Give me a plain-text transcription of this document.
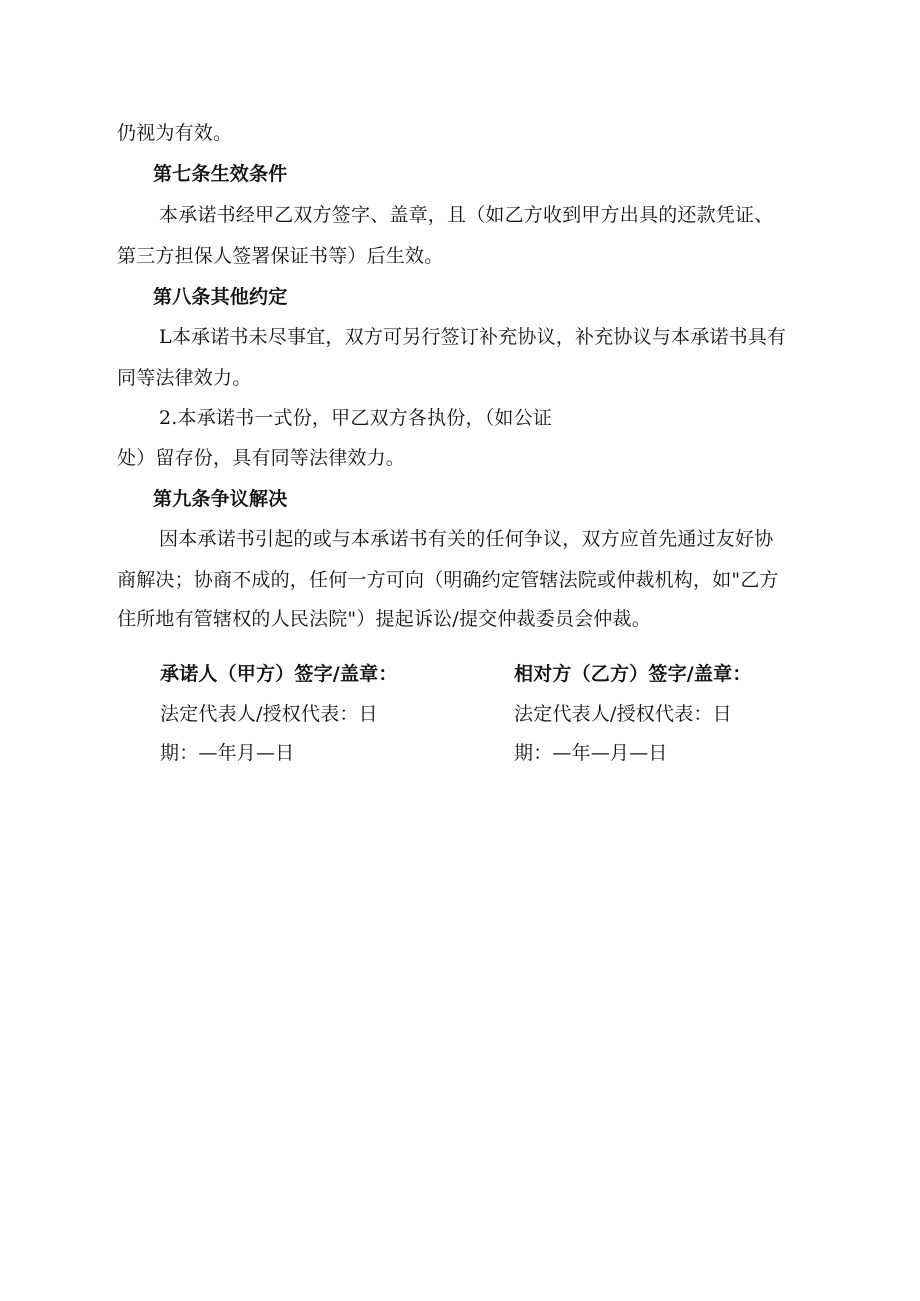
仍视为有效。
第七条生效条件
本承诺书经甲乙双方签字、盖章，且（如乙方收到甲方出具的还款凭证、
第三方担保人签署保证书等）后生效。
第八条其他约定
L本承诺书未尽事宜，双方可另行签订补充协议，补充协议与本承诺书具有
同等法律效力。
2.本承诺书一式份，甲乙双方各执份，（如公证
处）留存份，具有同等法律效力。
第九条争议解决
因本承诺书引起的或与本承诺书有关的任何争议，双方应首先通过友好协
商解决；协商不成的，任何一方可向（明确约定管辖法院或仲裁机构，如"乙方
住所地有管辖权的人民法院"）提起诉讼/提交仲裁委员会仲裁。
承诺人（甲方）签字/盖章：	相对方（乙方）签字/盖章：
法定代表人/授权代表：日	法定代表人/授权代表：日
期：—年月—日	期：—年—月—日
